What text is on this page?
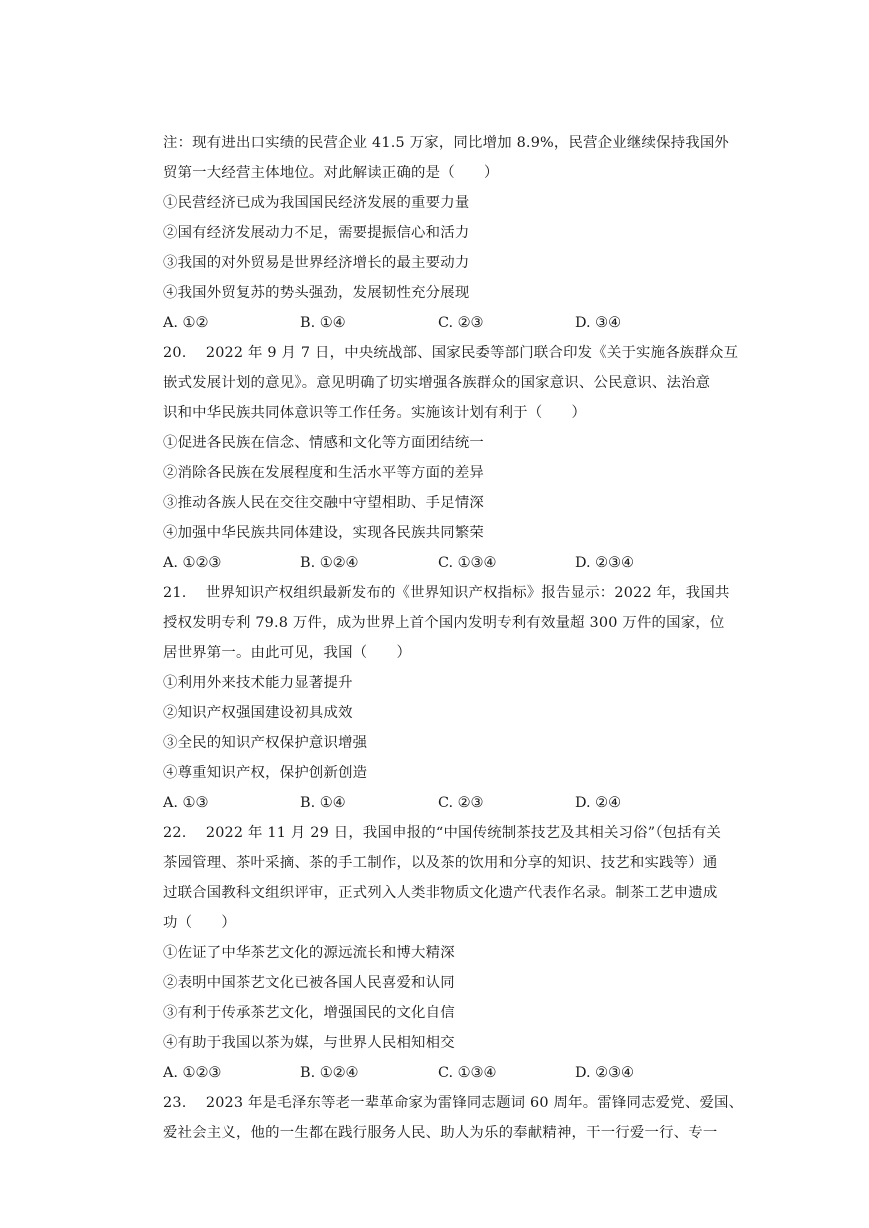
注：现有进出口实绩的民营企业 41.5 万家，同比增加 8.9%，民营企业继续保持我国外
贸第一大经营主体地位。对此解读正确的是（　　）
①民营经济已成为我国国民经济发展的重要力量
②国有经济发展动力不足，需要提振信心和活力
③我国的对外贸易是世界经济增长的最主要动力
④我国外贸复苏的势头强劲，发展韧性充分展现
A. ①②	B. ①④	C. ②③	D. ③④
20.　 2022 年 9 月 7 日，中央统战部、国家民委等部门联合印发《关于实施各族群众互
嵌式发展计划的意见》。意见明确了切实增强各族群众的国家意识、公民意识、法治意
识和中华民族共同体意识等工作任务。实施该计划有利于（　　）
①促进各民族在信念、情感和文化等方面团结统一
②消除各民族在发展程度和生活水平等方面的差异
③推动各族人民在交往交融中守望相助、手足情深
④加强中华民族共同体建设，实现各民族共同繁荣
A. ①②③	B. ①②④	C. ①③④	D. ②③④
21.　 世界知识产权组织最新发布的《世界知识产权指标》报告显示：2022 年，我国共
授权发明专利 79.8 万件，成为世界上首个国内发明专利有效量超 300 万件的国家，位
居世界第一。由此可见，我国（　　）
①利用外来技术能力显著提升
②知识产权强国建设初具成效
③全民的知识产权保护意识增强
④尊重知识产权，保护创新创造
A. ①③	B. ①④	C. ②③	D. ②④
22.　 2022 年 11 月 29 日，我国申报的“中国传统制茶技艺及其相关习俗”（包括有关
茶园管理、茶叶采摘、茶的手工制作，以及茶的饮用和分享的知识、技艺和实践等）通
过联合国教科文组织评审，正式列入人类非物质文化遗产代表作名录。制茶工艺申遗成
功（　　）
①佐证了中华茶艺文化的源远流长和博大精深
②表明中国茶艺文化已被各国人民喜爱和认同
③有利于传承茶艺文化，增强国民的文化自信
④有助于我国以茶为媒，与世界人民相知相交
A. ①②③	B. ①②④	C. ①③④	D. ②③④
23.　 2023 年是毛泽东等老一辈革命家为雷锋同志题词 60 周年。雷锋同志爱党、爱国、
爱社会主义，他的一生都在践行服务人民、助人为乐的奉献精神，干一行爱一行、专一
